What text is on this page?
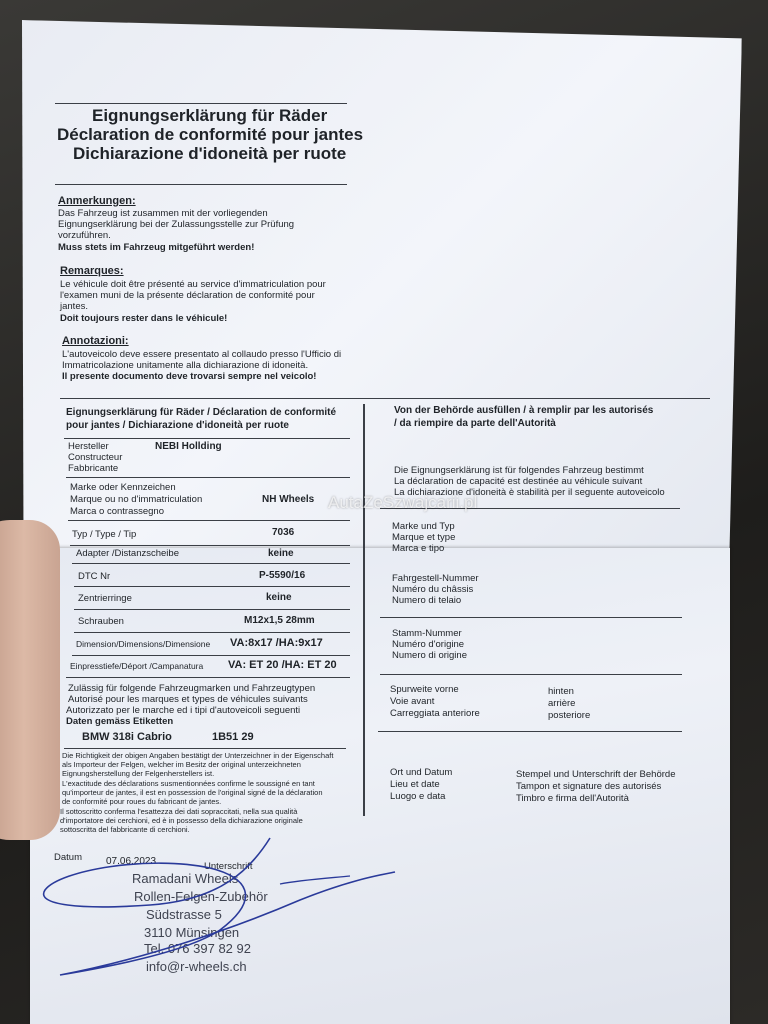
Eignungserklärung für Räder
Déclaration de conformité pour jantes
Dichiarazione d'idoneità per ruote
Anmerkungen:
Das Fahrzeug ist zusammen mit der vorliegenden
Eignungserklärung bei der Zulassungsstelle zur Prüfung
vorzuführen.
Muss stets im Fahrzeug mitgeführt werden!
Remarques:
Le véhicule doit être présenté au service d'immatriculation pour
l'examen muni de la présente déclaration de conformité pour
jantes.
Doit toujours rester dans le véhicule!
Annotazioni:
L'autoveicolo deve essere presentato al collaudo presso l'Ufficio di
Immatricolazione unitamente alla dichiarazione di idoneità.
Il presente documento deve trovarsi sempre nel veicolo!
Eignungserklärung für Räder / Déclaration de conformité
pour jantes / Dichiarazione d'idoneità per ruote
Hersteller
Constructeur
Fabbricante
NEBI Hollding
Marke oder Kennzeichen
Marque ou no d'immatriculation
Marca o contrassegno
NH Wheels
Typ / Type / Tip	7036
Adapter /Distanzscheibe	keine
DTC Nr	P-5590/16
Zentrierringe	keine
Schrauben	M12x1,5 28mm
Dimension/Dimensions/Dimensione VA:8x17 /HA:9x17
Einpresstiefe/Déport /Campanatura VA: ET 20 /HA: ET 20
Zulässig für folgende Fahrzeugmarken und Fahrzeugtypen
Autorisé pour les marques et types de véhicules suivants
Autorizzato per le marche ed i tipi d'autoveicoli seguenti
Daten gemäss Etiketten
BMW 318i Cabrio	1B51 29
Die Richtigkeit der obigen Angaben bestätigt der Unterzeichner in der Eigenschaft
als Importeur der Felgen, welcher im Besitz der original unterzeichneten
Eignungsherstellung der Felgenherstellers ist.
L'exactitude des déclarations susmentionnées confirme le soussigné en tant
qu'importeur de jantes, il est en possession de l'original signé de la déclaration
de conformité pour roues du fabricant de jantes.
Il sottoscritto conferma l'esattezza dei dati sopraccitati, nella sua qualità
d'importatore dei cerchioni, ed è in possesso della dichiarazione originale
sottoscritta del fabbricante di cerchioni.
Datum 07.06.2023	Unterschrift
Ramadani Wheels
Rollen-Felgen-Zubehör
Südstrasse 5
3110 Münsingen
Tel. 076 397 82 92
info@r-wheels.ch
Von der Behörde ausfüllen / à remplir par les autorisés
/ da riempire da parte dell'Autorità
Die Eignungserklärung ist für folgendes Fahrzeug bestimmt
La déclaration de capacité est destinée au véhicule suivant
La dichiarazione d'idoneità è stabilità per il seguente autoveicolo
Marke und Typ
Marque et type
Marca e tipo
Fahrgestell-Nummer
Numéro du châssis
Numero di telaio
Stamm-Nummer
Numéro d'origine
Numero di origine
Spurweite vorne
Voie avant
Carreggiata anteriore
hinten
arrière
posteriore
Ort und Datum
Lieu et date
Luogo e data
Stempel und Unterschrift der Behörde
Tampon et signature des autorisés
Timbro e firma dell'Autorità
AutaZeSzwajcarii.pl
